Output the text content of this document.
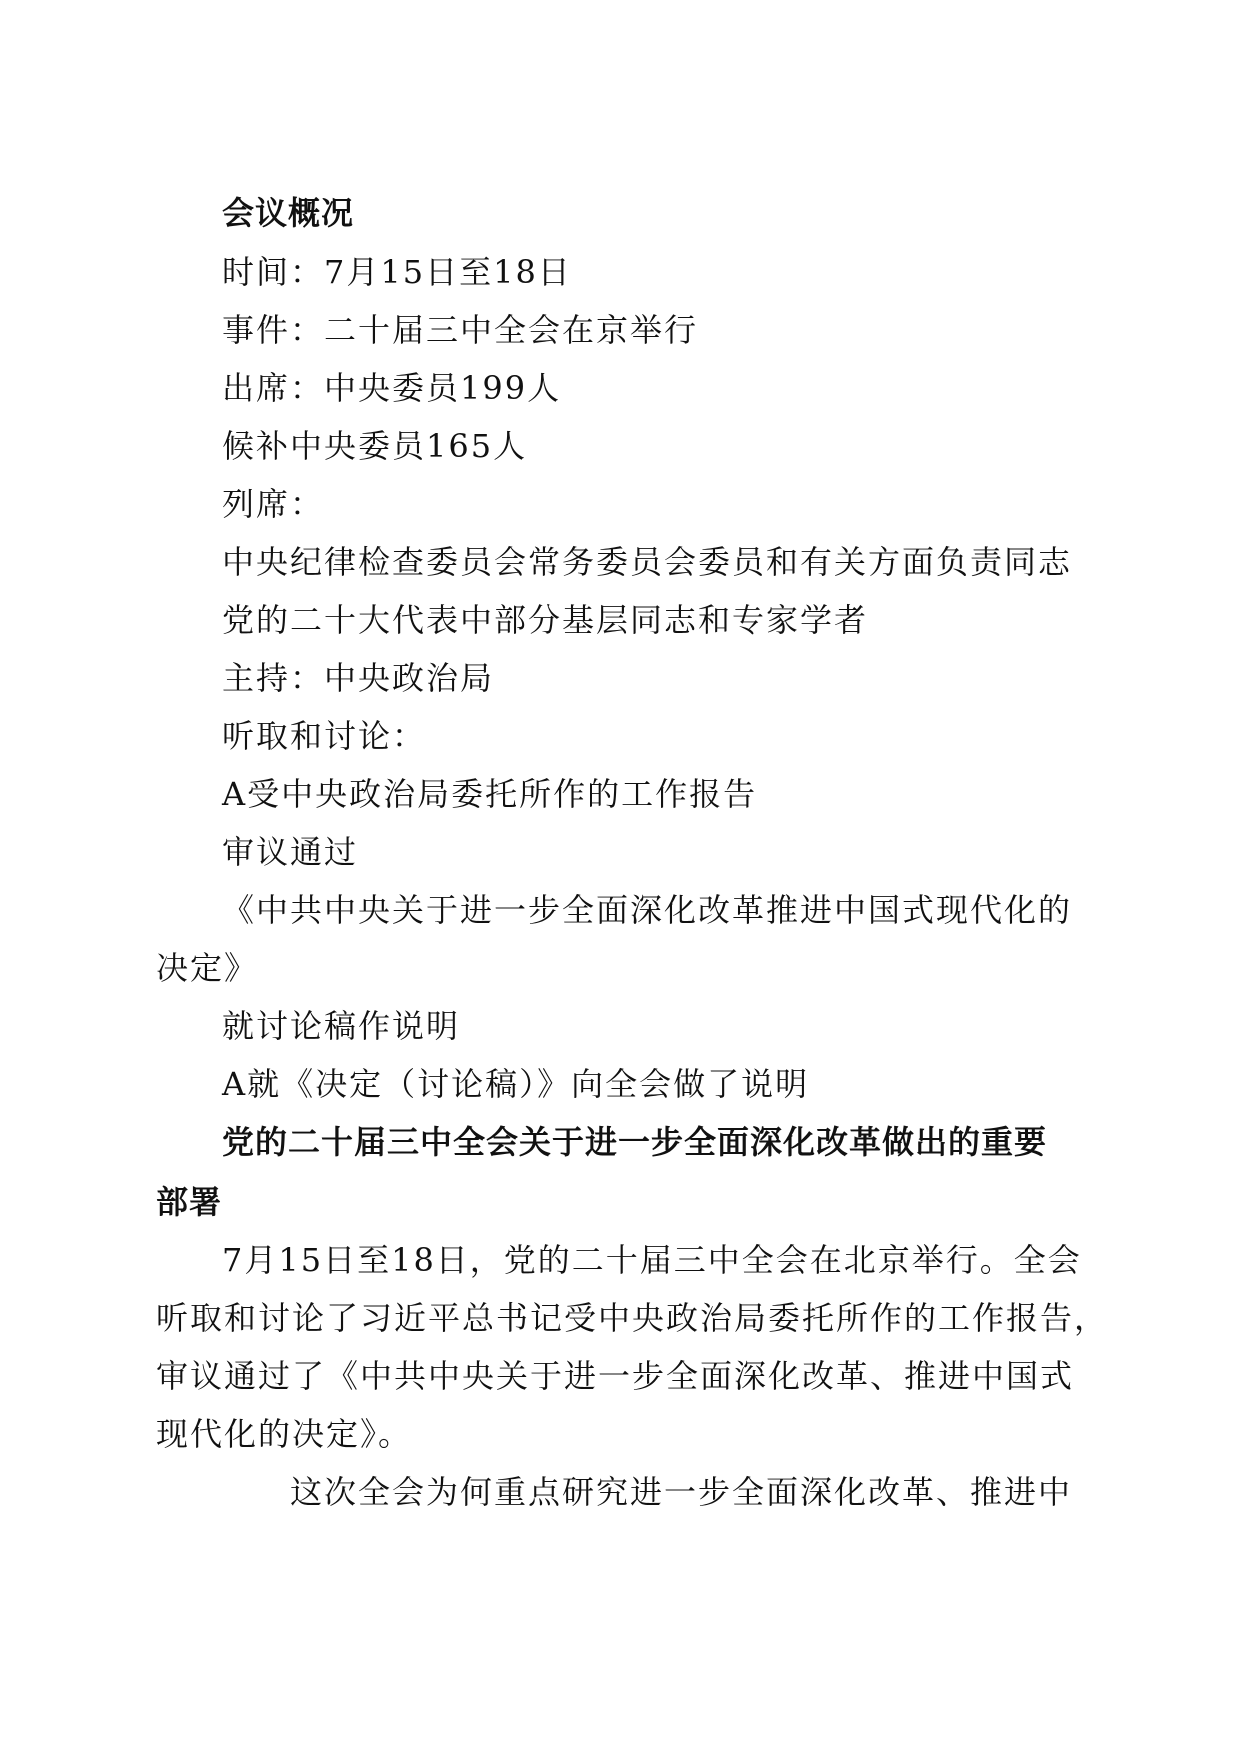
会议概况
时间：7月15日至18日
事件：二十届三中全会在京举行
出席：中央委员199人
候补中央委员165人
列席：
中央纪律检查委员会常务委员会委员和有关方面负责同志
党的二十大代表中部分基层同志和专家学者
主持：中央政治局
听取和讨论：
A受中央政治局委托所作的工作报告
审议通过
《中共中央关于进一步全面深化改革推进中国式现代化的
决定》
就讨论稿作说明
A就《决定（讨论稿）》向全会做了说明
党的二十届三中全会关于进一步全面深化改革做出的重要
部署
7月15日至18日，党的二十届三中全会在北京举行。全会
听取和讨论了习近平总书记受中央政治局委托所作的工作报告，
审议通过了《中共中央关于进一步全面深化改革、推进中国式
现代化的决定》。
这次全会为何重点研究进一步全面深化改革、推进中
